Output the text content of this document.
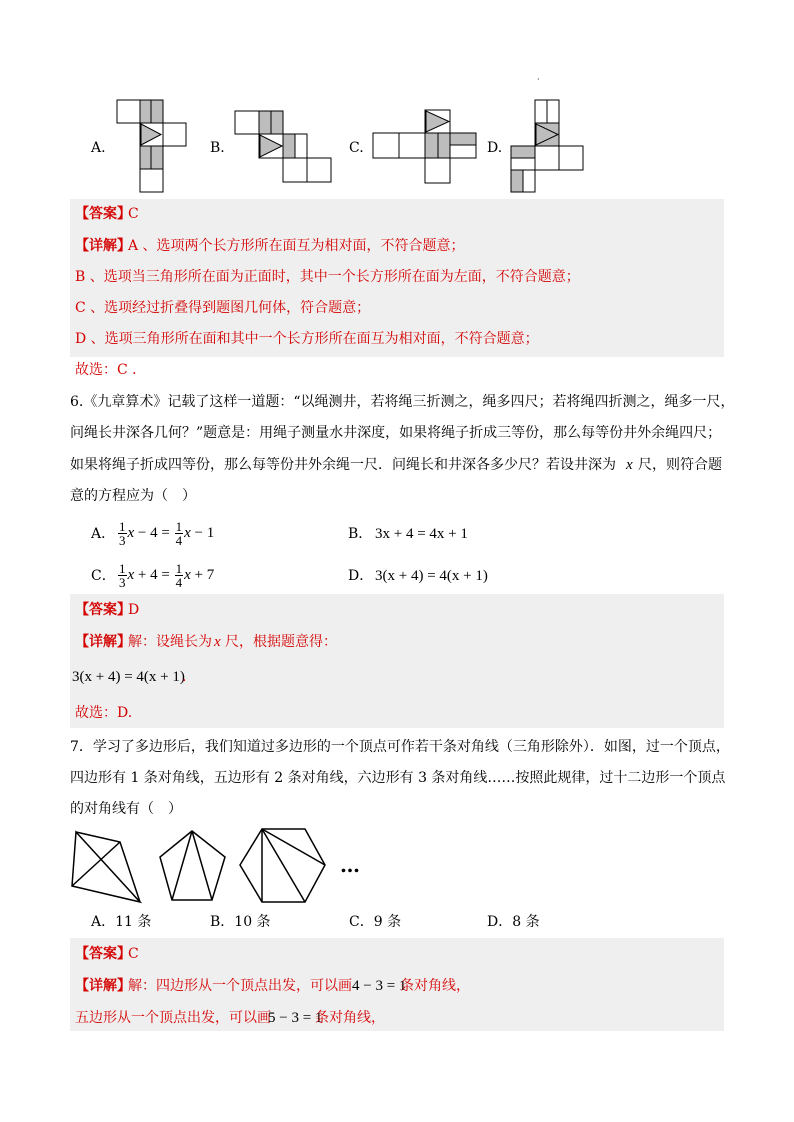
·
A.	B.	C.	D.
【答案】
C
【详解】
A 、选项两个长方形所在面互为相对面，不符合题意；
B 、选项当三角形所在面为正面时，其中一个长方形所在面为左面，不符合题意；
C 、选项经过折叠得到题图几何体，符合题意；
D 、选项三角形所在面和其中一个长方形所在面互为相对面，不符合题意；
故选：C .
6.《九章算术》记载了这样一道题：“以绳测井，若将绳三折测之，绳多四尺；若将绳四折测之，绳多一尺，
问绳长井深各几何？”题意是：用绳子测量水井深度，如果将绳子折成三等份，那么每等份井外余绳四尺；
如果将绳子折成四等份，那么每等份井外余绳一尺．问绳长和井深各多少尺？若设井深为 x 尺，则符合题
意的方程应为（　）
A． $\frac{1}{3}$ $x - 4 = \frac{1}{4}$ x − 1	B． 3x + 4 = 4x + 1
C． $\frac{1}{3}$ $x + 4 = \frac{1}{4}$ x + 7	D． 3(x + 4) = 4(x + 1)
【答案】
D
【详解】
解：设绳长为 x 尺，根据题意得：
3(x + 4) = 4(x + 1)
．
故选：D.
7．学习了多边形后，我们知道过多边形的一个顶点可作若干条对角线（三角形除外）．如图，过一个顶点，
四边形有 1 条对角线，五边形有 2 条对角线，六边形有 3 条对角线……按照此规律，过十二边形一个顶点
的对角线有（　）
…
A．11 条	B．10 条	C．9 条	D．8 条
【答案】
C
【详解】
解：四边形从一个顶点出发，可以画 4 − 3 = 1
条对角线，
五边形从一个顶点出发，可以画
5 − 3 = 1
条对角线，
